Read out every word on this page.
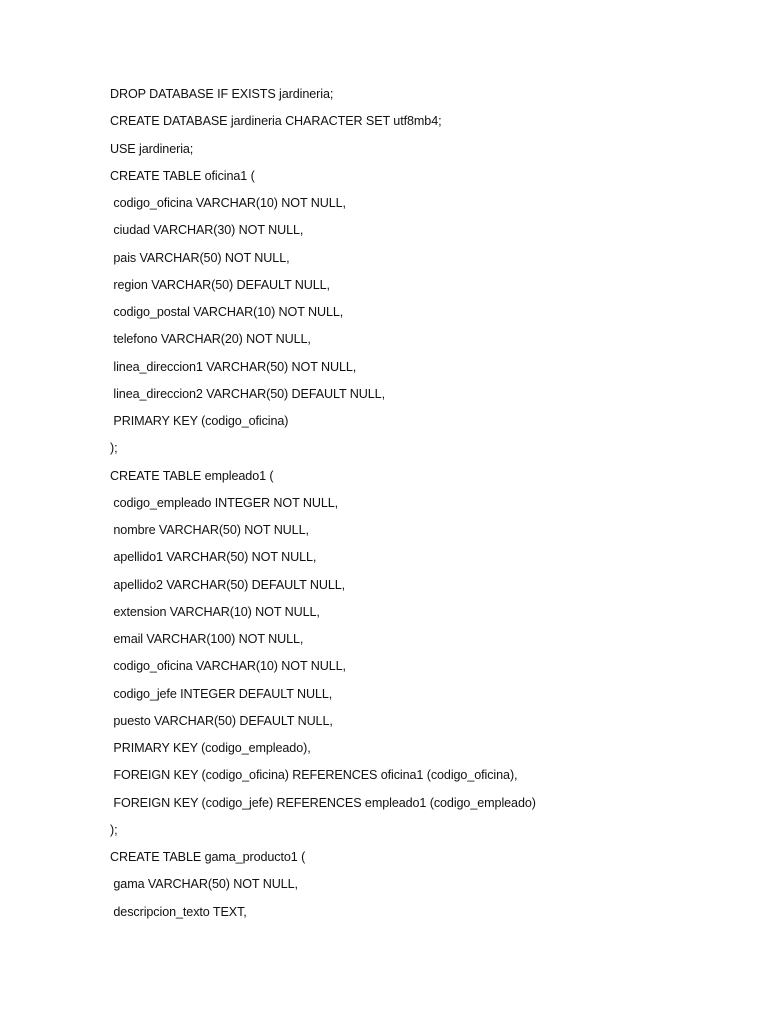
DROP DATABASE IF EXISTS jardineria;
CREATE DATABASE jardineria CHARACTER SET utf8mb4;
USE jardineria;
CREATE TABLE oficina1 (
codigo_oficina VARCHAR(10) NOT NULL,
ciudad VARCHAR(30) NOT NULL,
pais VARCHAR(50) NOT NULL,
region VARCHAR(50) DEFAULT NULL,
codigo_postal VARCHAR(10) NOT NULL,
telefono VARCHAR(20) NOT NULL,
linea_direccion1 VARCHAR(50) NOT NULL,
linea_direccion2 VARCHAR(50) DEFAULT NULL,
PRIMARY KEY (codigo_oficina)
);
CREATE TABLE empleado1 (
codigo_empleado INTEGER NOT NULL,
nombre VARCHAR(50) NOT NULL,
apellido1 VARCHAR(50) NOT NULL,
apellido2 VARCHAR(50) DEFAULT NULL,
extension VARCHAR(10) NOT NULL,
email VARCHAR(100) NOT NULL,
codigo_oficina VARCHAR(10) NOT NULL,
codigo_jefe INTEGER DEFAULT NULL,
puesto VARCHAR(50) DEFAULT NULL,
PRIMARY KEY (codigo_empleado),
FOREIGN KEY (codigo_oficina) REFERENCES oficina1 (codigo_oficina),
FOREIGN KEY (codigo_jefe) REFERENCES empleado1 (codigo_empleado)
);
CREATE TABLE gama_producto1 (
gama VARCHAR(50) NOT NULL,
descripcion_texto TEXT,
